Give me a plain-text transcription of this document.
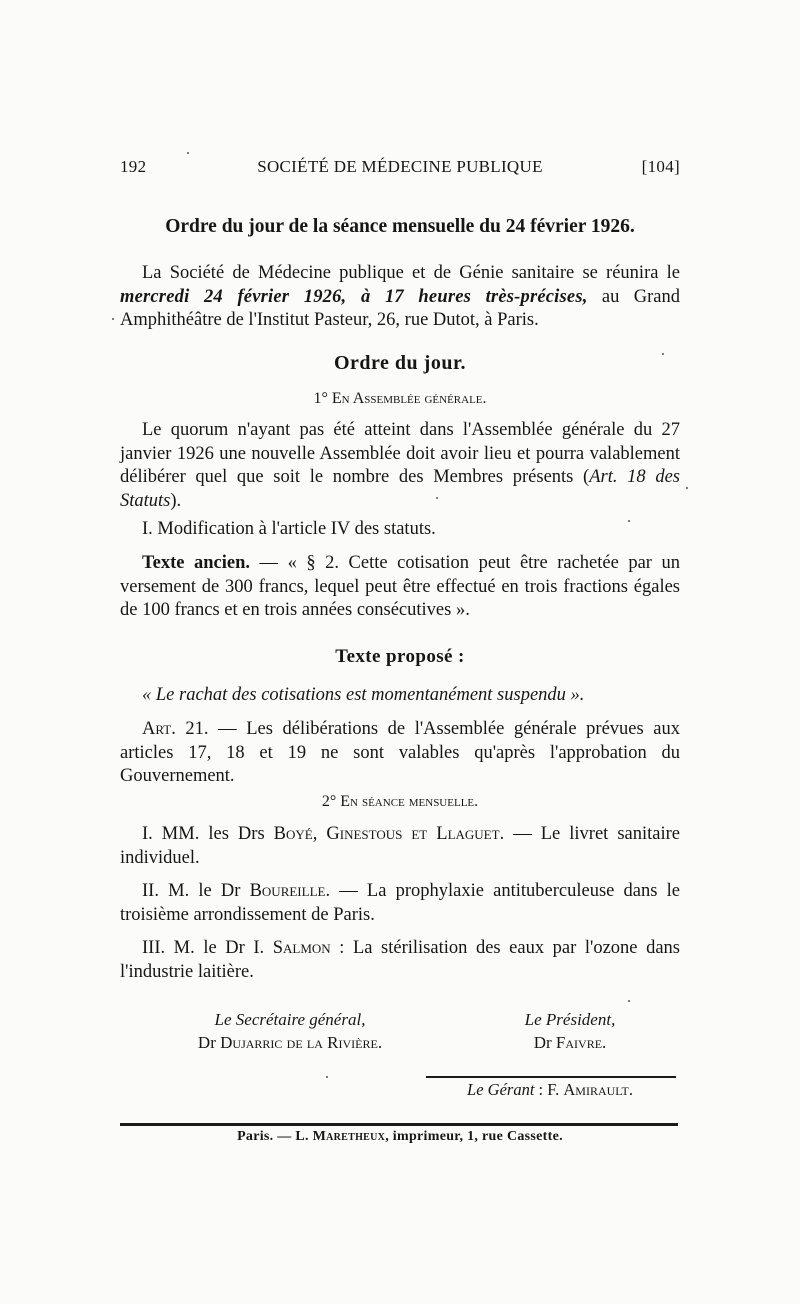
192	SOCIÉTÉ DE MÉDECINE PUBLIQUE	[104]
Ordre du jour de la séance mensuelle du 24 février 1926.
La Société de Médecine publique et de Génie sanitaire se réunira le mercredi 24 février 1926, à 17 heures très-précises, au Grand Amphithéâtre de l'Institut Pasteur, 26, rue Dutot, à Paris.
Ordre du jour.
1° En Assemblée générale.
Le quorum n'ayant pas été atteint dans l'Assemblée générale du 27 janvier 1926 une nouvelle Assemblée doit avoir lieu et pourra valablement délibérer quel que soit le nombre des Membres présents (Art. 18 des Statuts).
I. Modification à l'article IV des statuts.
Texte ancien. — « § 2. Cette cotisation peut être rachetée par un versement de 300 francs, lequel peut être effectué en trois fractions égales de 100 francs et en trois années consécutives ».
Texte proposé :
« Le rachat des cotisations est momentanément suspendu ».
Art. 21. — Les délibérations de l'Assemblée générale prévues aux articles 17, 18 et 19 ne sont valables qu'après l'approbation du Gouvernement.
2° En séance mensuelle.
I. MM. les Drs Boyé, Ginestous et Llaguet. — Le livret sanitaire individuel.
II. M. le Dr Boureille. — La prophylaxie antituberculeuse dans le troisième arrondissement de Paris.
III. M. le Dr I. Salmon : La stérilisation des eaux par l'ozone dans l'industrie laitière.
Le Secrétaire général,
Dr Dujarric de la Rivière.
Le Président,
Dr Faivre.
Le Gérant : F. Amirault.
Paris. — L. Maretheux, imprimeur, 1, rue Cassette.
